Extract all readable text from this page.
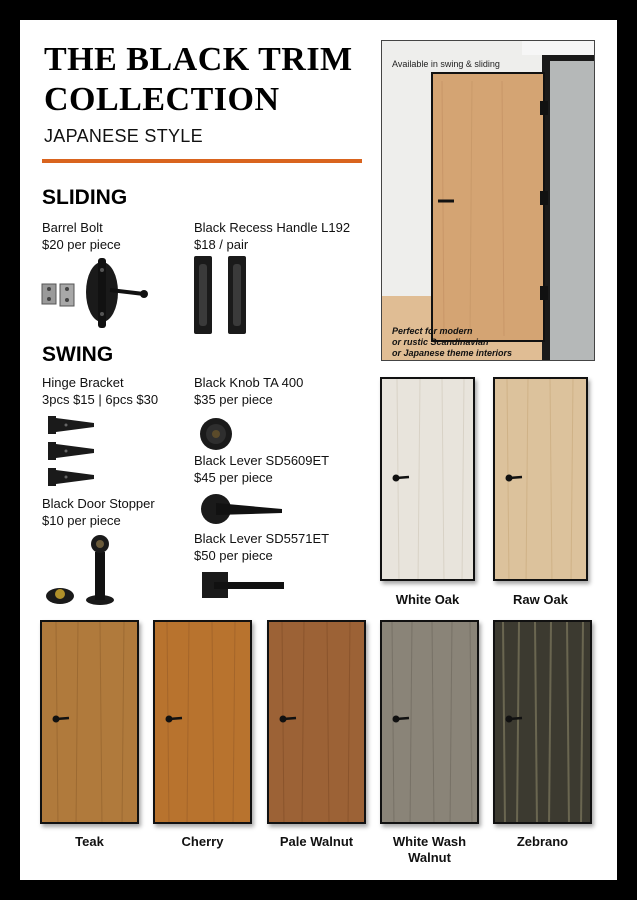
THE BLACK TRIM
COLLECTION
JAPANESE STYLE
SLIDING
Barrel Bolt
$20 per piece
Black Recess Handle L192
$18 / pair
SWING
Hinge Bracket
3pcs $15 | 6pcs $30
Black Knob TA 400
$35 per piece
Black Lever SD5609ET
$45 per piece
Black Door Stopper
$10 per piece
Black Lever SD5571ET
$50 per piece
Available in swing & sliding
Perfect for modern
or rustic Scandinavian
or Japanese theme interiors
White Oak	Raw Oak
Teak	Cherry	Pale Walnut	White Wash Walnut
Zebrano
